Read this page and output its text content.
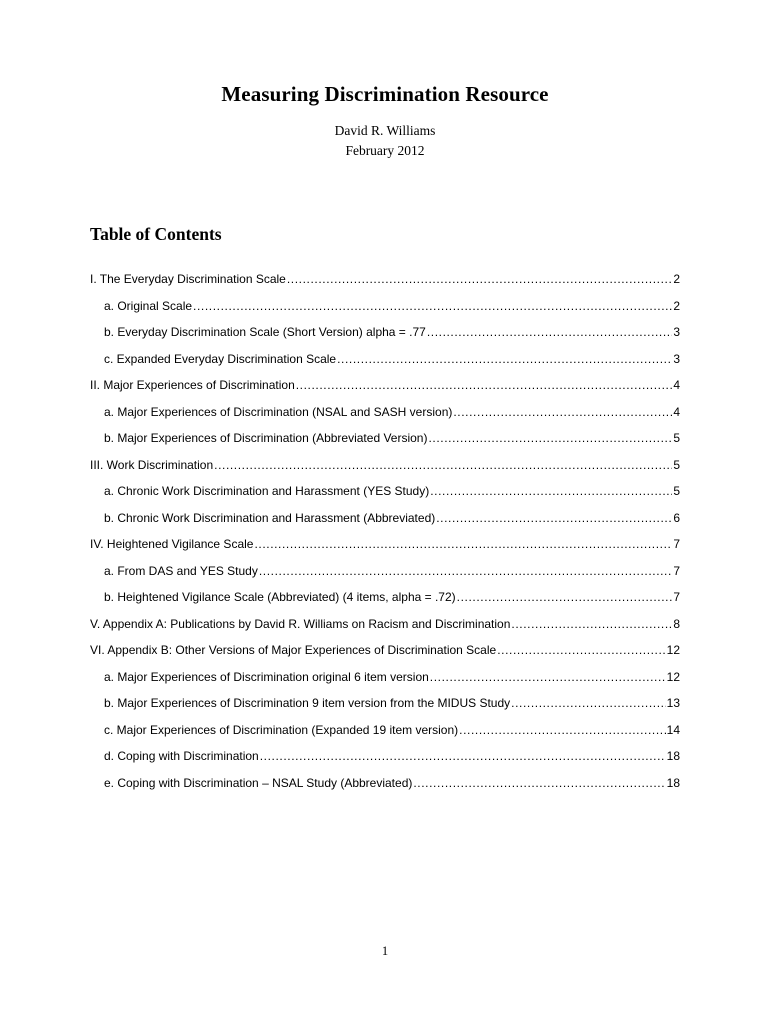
Measuring Discrimination Resource
David R. Williams
February 2012
Table of Contents
I. The Everyday Discrimination Scale .....	2
a. Original Scale .....	2
b. Everyday Discrimination Scale (Short Version) alpha = .77 .....	3
c. Expanded Everyday Discrimination Scale .....	3
II. Major Experiences of Discrimination .....	4
a. Major Experiences of Discrimination (NSAL and SASH version) .....	4
b. Major Experiences of Discrimination (Abbreviated Version) .....	5
III. Work Discrimination .....	5
a. Chronic Work Discrimination and Harassment (YES Study) .....	5
b. Chronic Work Discrimination and Harassment (Abbreviated) .....	6
IV. Heightened Vigilance Scale .....	7
a. From DAS and YES Study .....	7
b. Heightened Vigilance Scale (Abbreviated) (4 items, alpha = .72) .....	7
V. Appendix A: Publications by David R. Williams on Racism and Discrimination .....	8
VI. Appendix B: Other Versions of Major Experiences of Discrimination Scale .....	12
a. Major Experiences of Discrimination original 6 item version .....	12
b. Major Experiences of Discrimination 9 item version from the MIDUS Study .....	13
c. Major Experiences of Discrimination (Expanded 19 item version) .....	14
d. Coping with Discrimination .....	18
e. Coping with Discrimination – NSAL Study (Abbreviated) .....	18
1
